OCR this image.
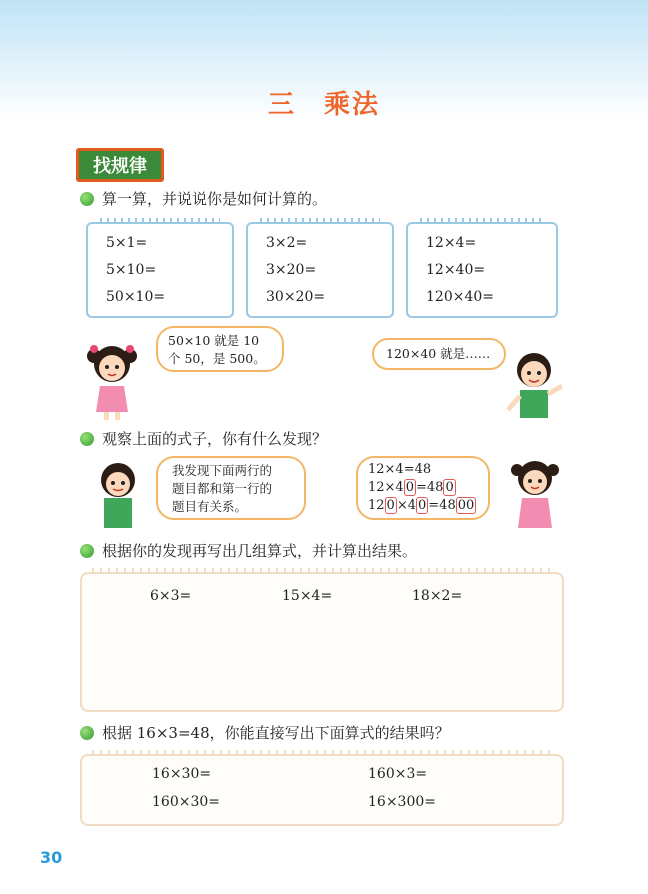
三　乘法
找规律
算一算，并说说你是如何计算的。
5×1=
5×10=
50×10=
3×2=
3×20=
30×20=
12×4=
12×40=
120×40=
50×10 就是 10
个 50，是 500。	120×40 就是……
观察上面的式子，你有什么发现？
我发现下面两行的
题目都和第一行的
题目有关系。
12×4=48
12×4 0 =48 0
12 0 ×4 0 =48 00
根据你的发现再写出几组算式，并计算出结果。
6×3=	15×4=	18×2=
根据 16×3=48，你能直接写出下面算式的结果吗？
16×30=	160×3=
160×30=	16×300=
30
